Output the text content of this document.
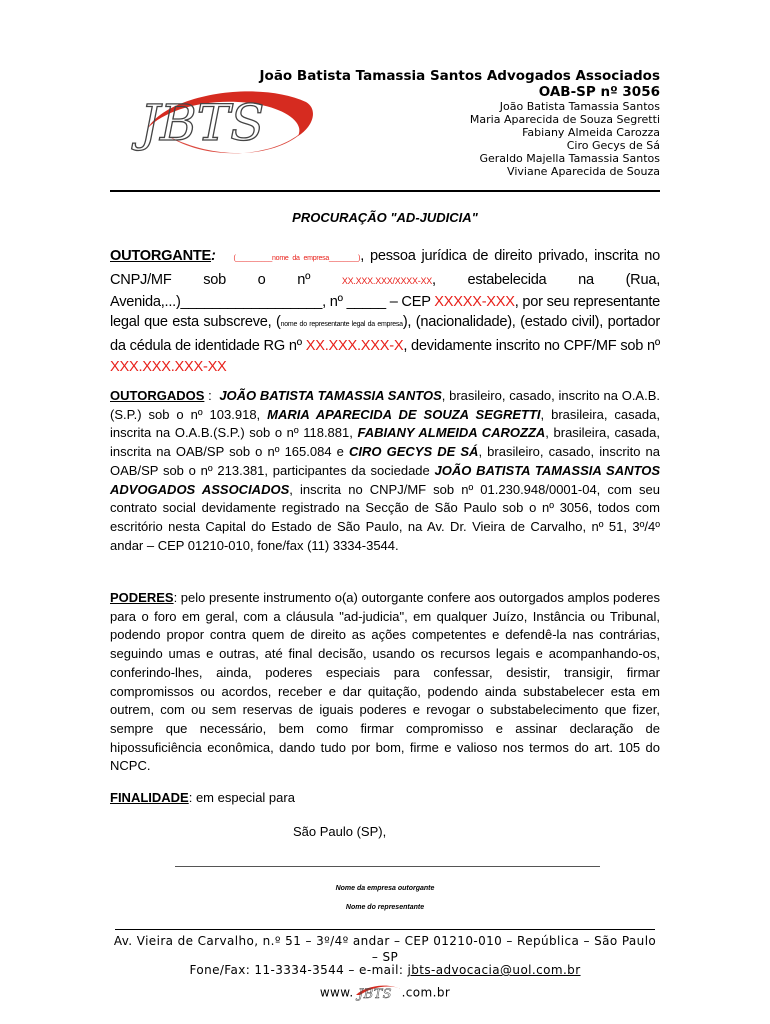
JBTS
João Batista Tamassia Santos Advogados Associados
OAB-SP nº 3056
João Batista Tamassia Santos
Maria Aparecida de Souza Segretti
Fabiany Almeida Carozza
Ciro Gecys de Sá
Geraldo Majella Tamassia Santos
Viviane Aparecida de Souza
PROCURAÇÃO "AD-JUDICIA"

OUTORGANTE:	(__________nome da empresa________), pessoa jurídica de direito privado, inscrita no CNPJ/MF sob o nº	XX.XXX.XXX/XXXX-XX, estabelecida na (Rua, Avenida,...)__________________, nº _____ – CEP XXXXX-XXX, por seu representante legal que esta subscreve, (nome do representante legal da empresa), (nacionalidade), (estado civil), portador da cédula de identidade RG nº XX.XXX.XXX-X, devidamente inscrito no CPF/MF sob nº XXX.XXX.XXX-XX

OUTORGADOS : JOÃO BATISTA TAMASSIA SANTOS, brasileiro, casado, inscrito na O.A.B.(S.P.) sob o nº 103.918, MARIA APARECIDA DE SOUZA SEGRETTI, brasileira, casada, inscrita na O.A.B.(S.P.) sob o nº 118.881, FABIANY ALMEIDA CAROZZA, brasileira, casada, inscrita na OAB/SP sob o nº 165.084 e CIRO GECYS DE SÁ, brasileiro, casado, inscrito na OAB/SP sob o nº 213.381, participantes da sociedade JOÃO BATISTA TAMASSIA SANTOS ADVOGADOS ASSOCIADOS, inscrita no CNPJ/MF sob nº 01.230.948/0001-04, com seu contrato social devidamente registrado na Secção de São Paulo sob o nº 3056, todos com escritório nesta Capital do Estado de São Paulo, na Av. Dr. Vieira de Carvalho, nº 51, 3º/4º andar – CEP 01210-010, fone/fax (11) 3334-3544.

PODERES: pelo presente instrumento o(a) outorgante confere aos outorgados amplos poderes para o foro em geral, com a cláusula "ad-judicia", em qualquer Juízo, Instância ou Tribunal, podendo propor contra quem de direito as ações competentes e defendê-la nas contrárias, seguindo umas e outras, até final decisão, usando os recursos legais e acompanhando-os, conferindo-lhes, ainda, poderes especiais para confessar, desistir, transigir, firmar compromissos ou acordos, receber e dar quitação, podendo ainda substabelecer esta em outrem, com ou sem reservas de iguais poderes e revogar o substabelecimento que fizer, sempre que necessário, bem como firmar compromisso e assinar declaração de hipossuficiência econômica, dando tudo por bom, firme e valioso nos termos do art. 105 do NCPC.

FINALIDADE: em especial para

São Paulo (SP),
Nome da empresa outorgante
Nome do representante
Av. Vieira de Carvalho, n.º 51 – 3º/4º andar – CEP 01210-010 – República – São Paulo – SP
Fone/Fax: 11-3334-3544 – e-mail: jbts-advocacia@uol.com.br
www. JBTS .com.br
